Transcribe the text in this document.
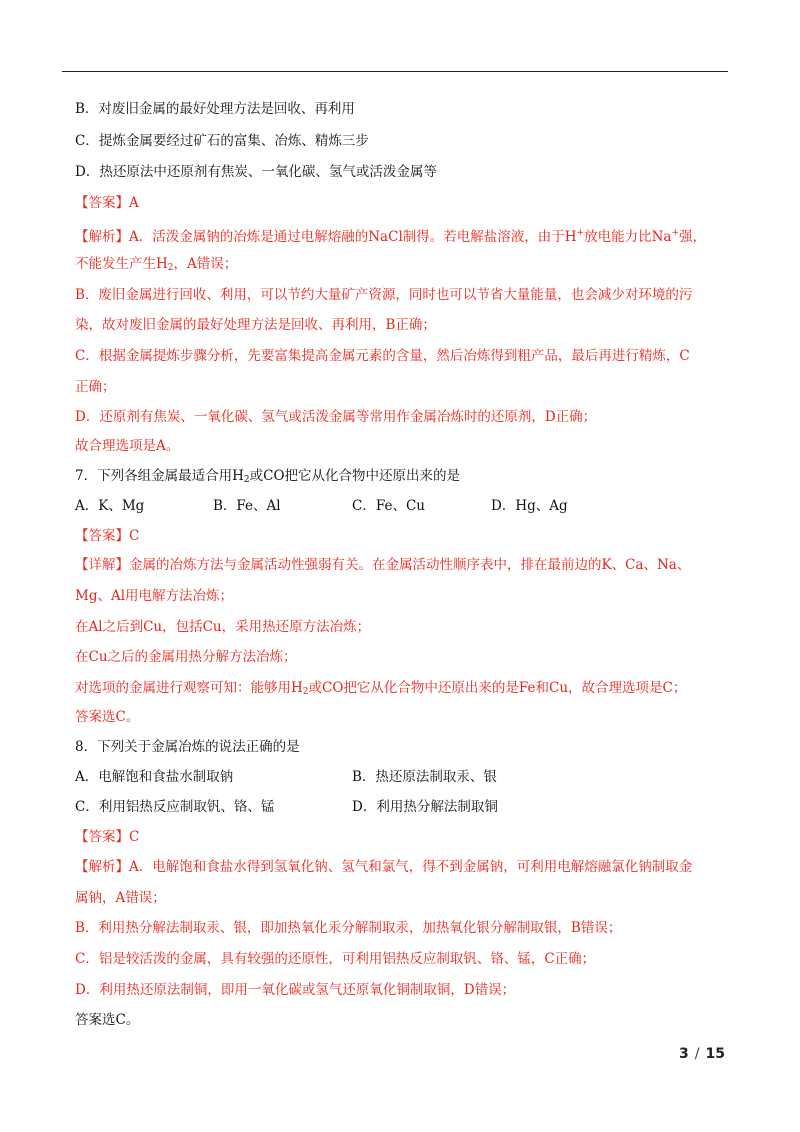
B．对废旧金属的最好处理方法是回收、再利用
C．提炼金属要经过矿石的富集、冶炼、精炼三步
D．热还原法中还原剂有焦炭、一氧化碳、氢气或活泼金属等
【答案】A
【解析】A．活泼金属钠的冶炼是通过电解熔融的NaCl制得。若电解盐溶液，由于H+放电能力比Na+强，
不能发生产生$H_2$，A错误；
B．废旧金属进行回收、利用，可以节约大量矿产资源，同时也可以节省大量能量，也会减少对环境的污
染，故对废旧金属的最好处理方法是回收、再利用，B正确；
C．根据金属提炼步骤分析，先要富集提高金属元素的含量，然后冶炼得到粗产品，最后再进行精炼，C
正确；
D．还原剂有焦炭、一氧化碳、氢气或活泼金属等常用作金属冶炼时的还原剂，D正确；
故合理选项是A。
7．下列各组金属最适合用$H_2$或CO把它从化合物中还原出来的是
A．K、Mg	B．Fe、Al	C．Fe、Cu	D．Hg、Ag
【答案】C
【详解】金属的冶炼方法与金属活动性强弱有关。在金属活动性顺序表中，排在最前边的K、Ca、Na、
Mg、Al用电解方法冶炼；
在Al之后到Cu，包括Cu，采用热还原方法冶炼；
在Cu之后的金属用热分解方法冶炼；
对选项的金属进行观察可知：能够用$H_2$或CO把它从化合物中还原出来的是Fe和Cu，故合理选项是C；
答案选C。
8．下列关于金属冶炼的说法正确的是
A．电解饱和食盐水制取钠	B．热还原法制取汞、银
C．利用铝热反应制取钒、铬、锰	D．利用热分解法制取铜
【答案】C
【解析】A．电解饱和食盐水得到氢氧化钠、氢气和氯气，得不到金属钠，可利用电解熔融氯化钠制取金
属钠，A错误；
B．利用热分解法制取汞、银，即加热氧化汞分解制取汞，加热氧化银分解制取银，B错误；
C．铝是较活泼的金属，具有较强的还原性，可利用铝热反应制取钒、铬、锰，C正确；
D．利用热还原法制铜，即用一氧化碳或氢气还原氧化铜制取铜，D错误；
答案选C。
3 / 15
